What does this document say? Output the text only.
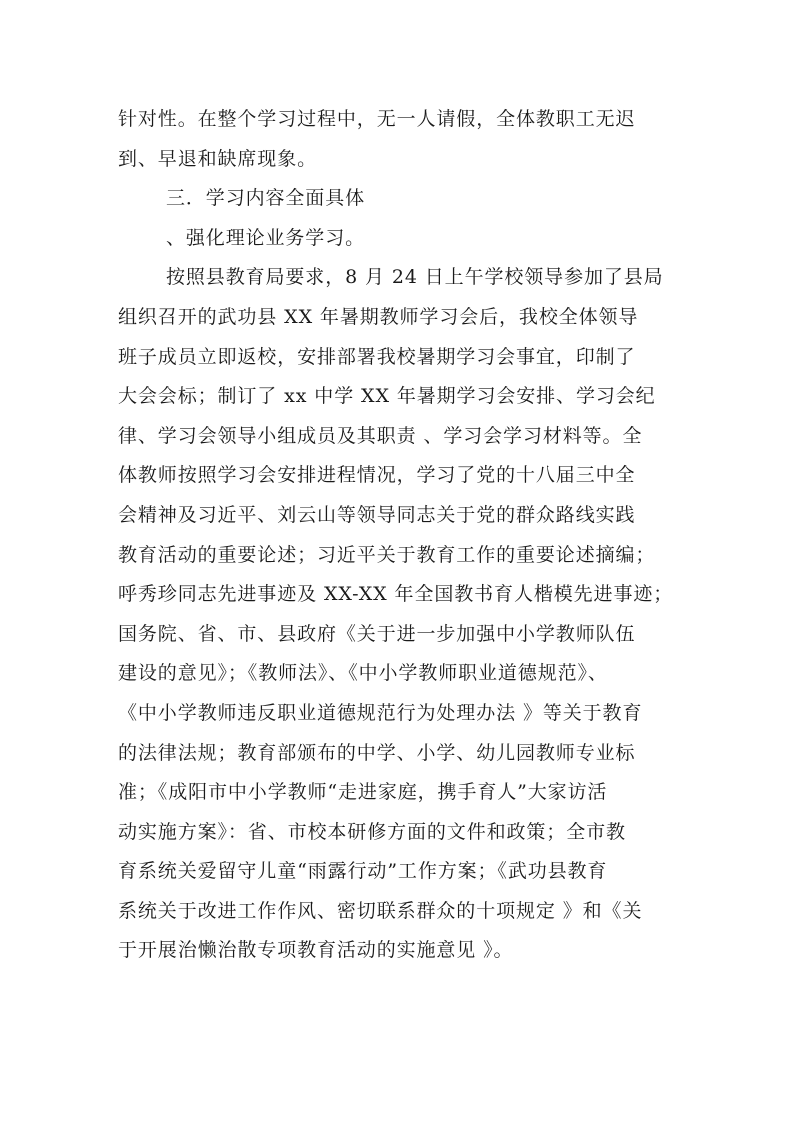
针对性。在整个学习过程中，无一人请假，全体教职工无迟
到、早退和缺席现象。
三．学习内容全面具体
、强化理论业务学习。
按照县教育局要求，8 月 24 日上午学校领导参加了县局
组织召开的武功县 XX 年暑期教师学习会后，我校全体领导
班子成员立即返校，安排部署我校暑期学习会事宜，印制了
大会会标；制订了 xx 中学 XX 年暑期学习会安排、学习会纪
律、学习会领导小组成员及其职责 、学习会学习材料等。全
体教师按照学习会安排进程情况，学习了党的十八届三中全
会精神及习近平、刘云山等领导同志关于党的群众路线实践
教育活动的重要论述；习近平关于教育工作的重要论述摘编；
呼秀珍同志先进事迹及 XX-XX 年全国教书育人楷模先进事迹；
国务院、省、市、县政府《关于进一步加强中小学教师队伍
建设的意见》；《教师法》、《中小学教师职业道德规范》、
《中小学教师违反职业道德规范行为处理办法 》等关于教育
的法律法规；教育部颁布的中学、小学、幼儿园教师专业标
准；《成阳市中小学教师“走进家庭，携手育人”大家访活
动实施方案》：省、市校本研修方面的文件和政策；全市教
育系统关爱留守儿童“雨露行动”工作方案；《武功县教育
系统关于改进工作作风、密切联系群众的十项规定 》和《关
于开展治懒治散专项教育活动的实施意见 》。
